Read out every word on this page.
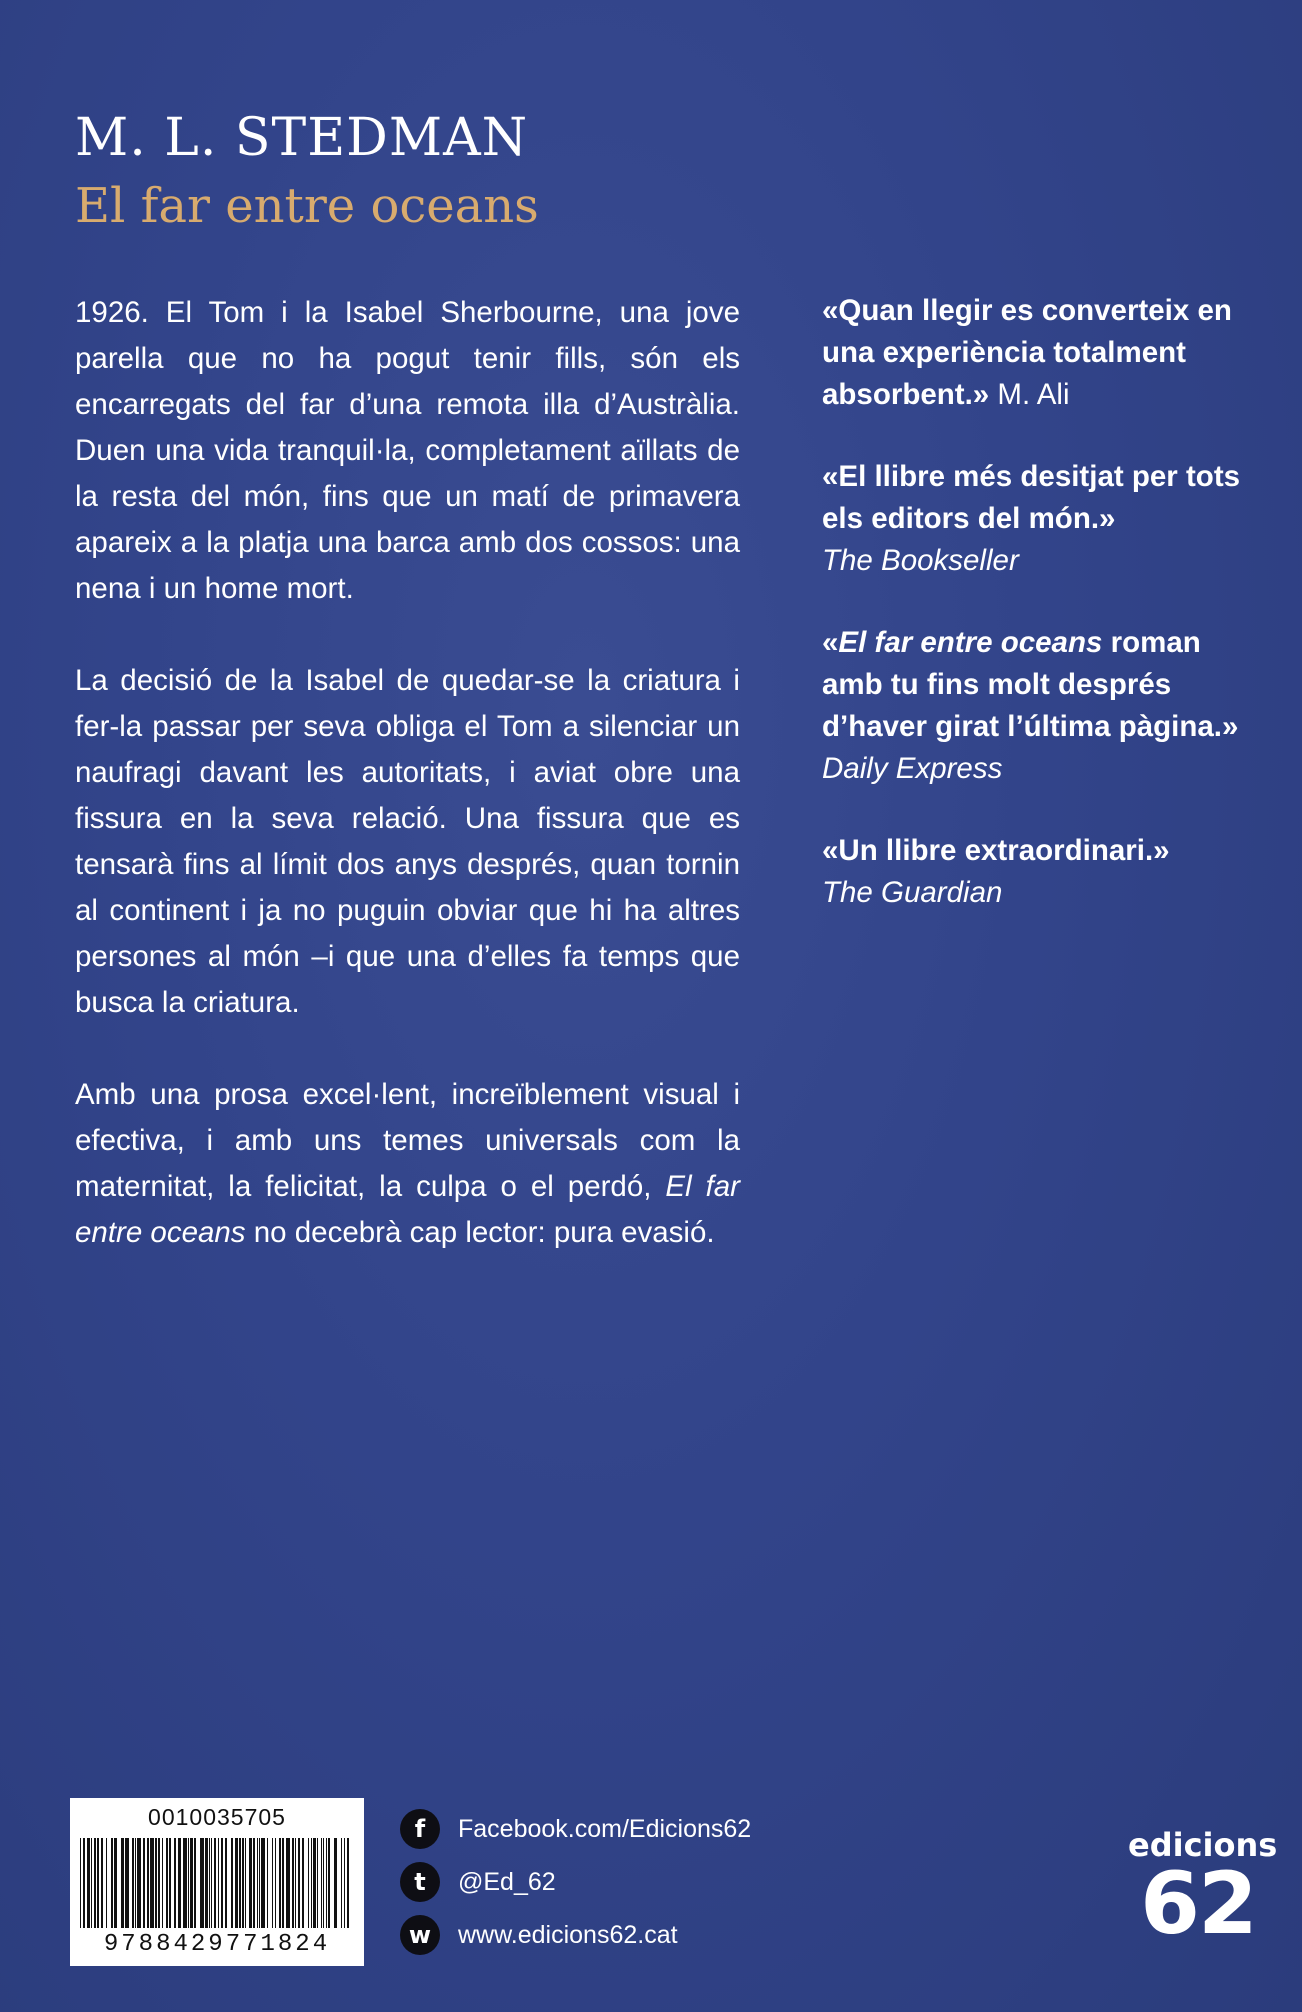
M. L. STEDMAN
El far entre oceans

1926. El Tom i la Isabel Sherbourne, una jove parella que no ha pogut tenir fills, són els encarregats del far d’una remota illa d’Austràlia. Duen una vida tranquil·la, completament aïllats de la resta del món, fins que un matí de primavera apareix a la platja una barca amb dos cossos: una nena i un home mort.

La decisió de la Isabel de quedar-se la criatura i fer-la passar per seva obliga el Tom a silenciar un naufragi davant les autoritats, i aviat obre una fissura en la seva relació. Una fissura que es tensarà fins al límit dos anys després, quan tornin al continent i ja no puguin obviar que hi ha altres persones al món –i que una d’elles fa temps que busca la criatura.

Amb una prosa excel·lent, increïblement visual i efectiva, i amb uns temes universals com la maternitat, la felicitat, la culpa o el perdó, El far entre oceans no decebrà cap lector: pura evasió.

«Quan llegir es converteix en una experiència totalment absorbent.» M. Ali
«El llibre més desitjat per tots els editors del món.»
The Bookseller
«El far entre oceans roman amb tu fins molt després d’haver girat l’última pàgina.»
Daily Express
«Un llibre extraordinari.»
The Guardian
0010035705
9788429771824
f	Facebook.com/Edicions62
t	@Ed_62
w	www.edicions62.cat
edicions
62
